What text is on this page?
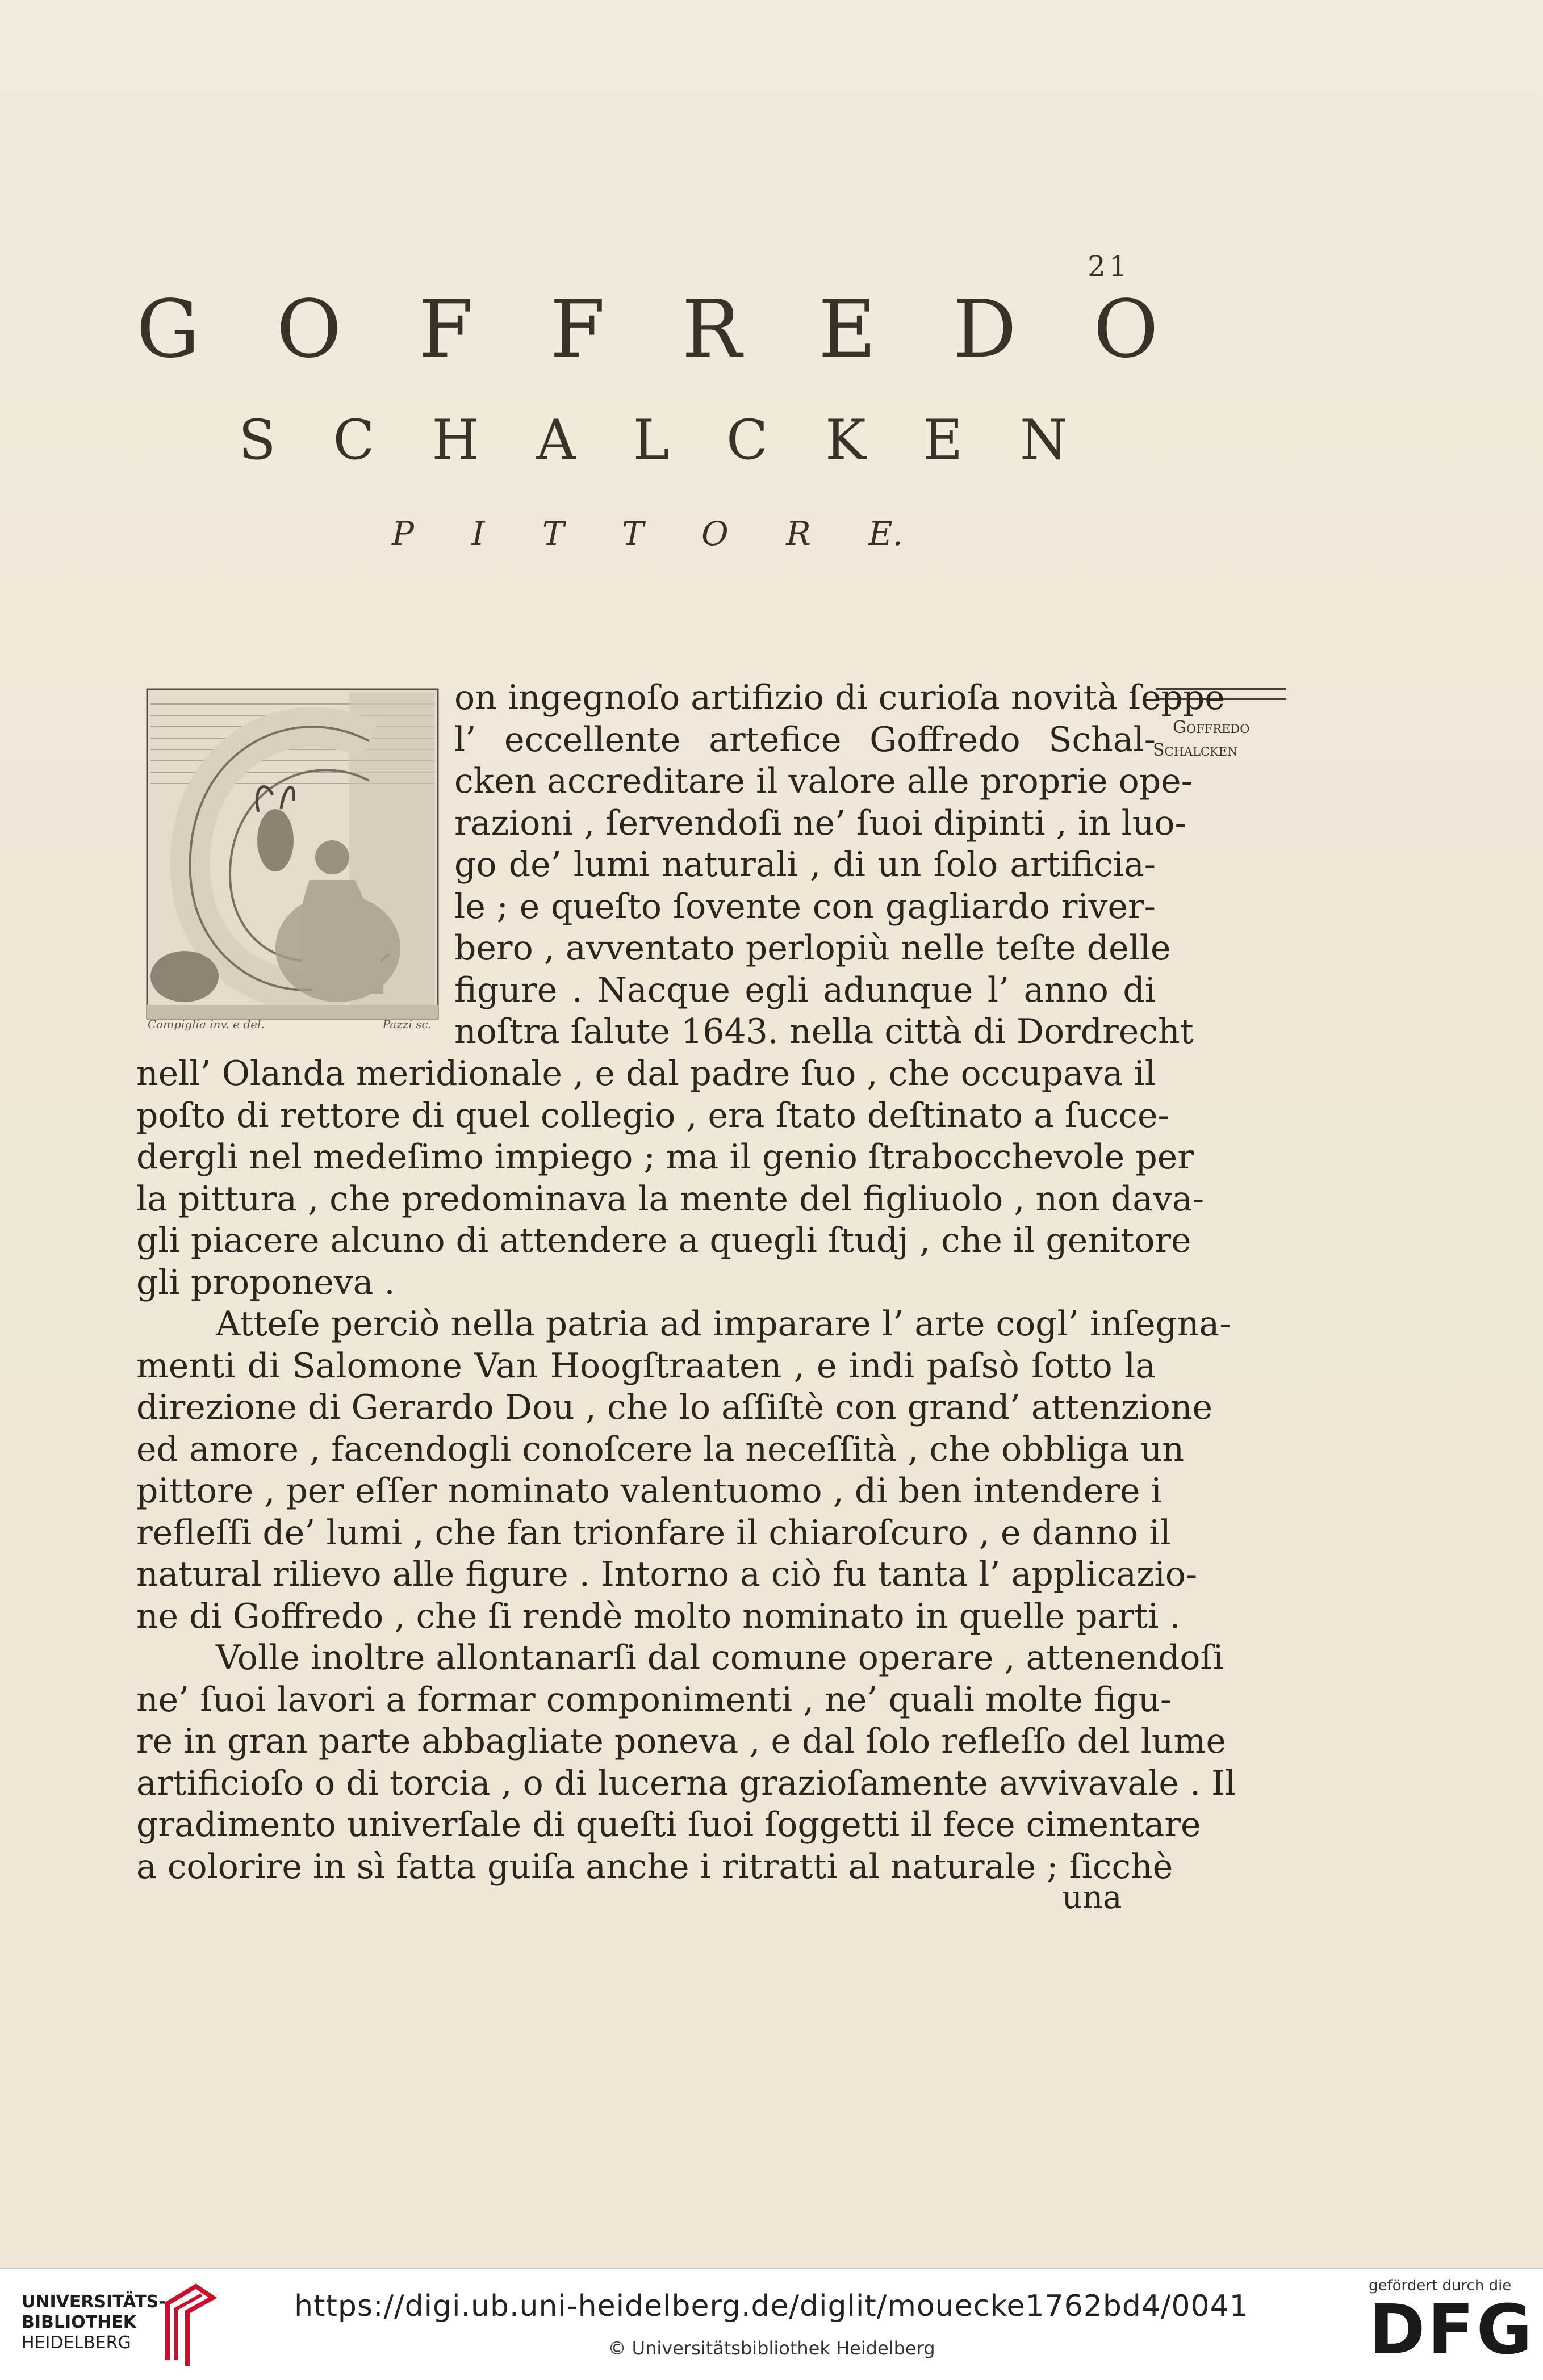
21
G O F F R E D O
S C H A L C K E N
P I T T O R E.
Goffredo
Schalcken
Campiglia inv. e del.	Pazzi sc.
on ingegnoſo artifizio di curioſa novità ſeppe
l’ eccellente artefice Goffredo Schal-
cken accreditare il valore alle proprie ope-
razioni , ſervendoſi ne’ ſuoi dipinti , in luo-
go de’ lumi naturali , di un ſolo artificia-
le ; e queſto ſovente con gagliardo river-
bero , avventato perlopiù nelle teſte delle
figure . Nacque egli adunque l’ anno di
noſtra ſalute 1643. nella città di Dordrecht
nell’ Olanda meridionale , e dal padre ſuo , che occupava il
poſto di rettore di quel collegio , era ſtato deſtinato a ſucce-
dergli nel medeſimo impiego ; ma il genio ſtrabocchevole per
la pittura , che predominava la mente del figliuolo , non dava-
gli piacere alcuno di attendere a quegli ſtudj , che il genitore
gli proponeva .
Atteſe perciò nella patria ad imparare l’ arte cogl’ inſegna-
menti di Salomone Van Hoogſtraaten , e indi paſsò ſotto la
direzione di Gerardo Dou , che lo aſſiſtè con grand’ attenzione
ed amore , facendogli conoſcere la neceſſità , che obbliga un
pittore , per eſſer nominato valentuomo , di ben intendere i
refleſſi de’ lumi , che fan trionfare il chiaroſcuro , e danno il
natural rilievo alle figure . Intorno a ciò fu tanta l’ applicazio-
ne di Goffredo , che ſi rendè molto nominato in quelle parti .
Volle inoltre allontanarſi dal comune operare , attenendoſi
ne’ ſuoi lavori a formar componimenti , ne’ quali molte figu-
re in gran parte abbagliate poneva , e dal ſolo refleſſo del lume
artificioſo o di torcia , o di lucerna grazioſamente avvivavale . Il
gradimento univerſale di queſti ſuoi ſoggetti il fece cimentare
a colorire in sì fatta guiſa anche i ritratti al naturale ; ſicchè
una
UNIVERSITÄTS-
BIBLIOTHEK
HEIDELBERG
https://digi.ub.uni-heidelberg.de/diglit/mouecke1762bd4/0041
© Universitätsbibliothek Heidelberg
gefördert durch die
DFG
